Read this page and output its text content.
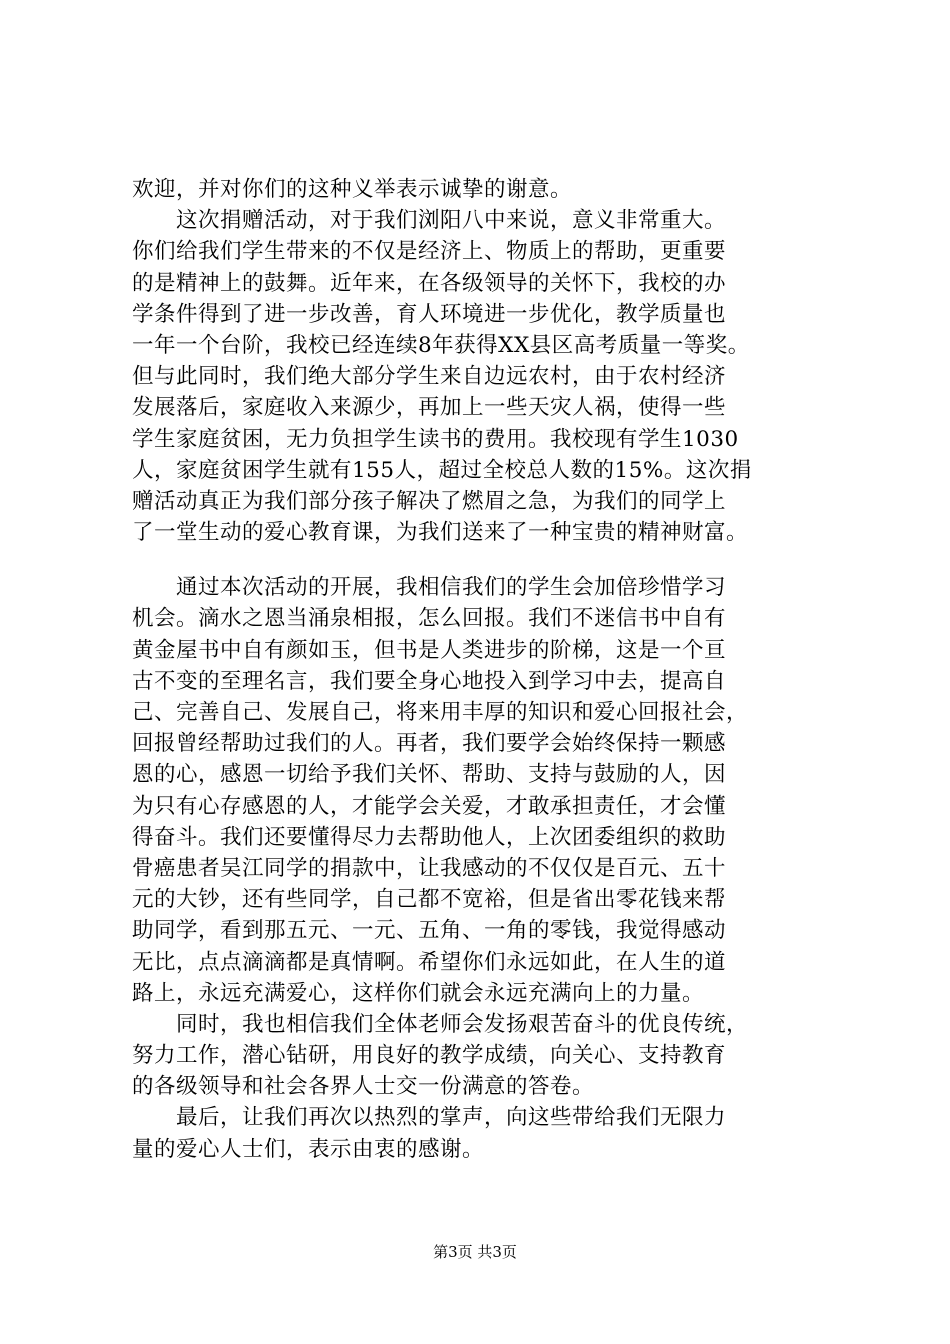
欢迎，并对你们的这种义举表示诚挚的谢意。

这次捐赠活动，对于我们浏阳八中来说，意义非常重大。

你们给我们学生带来的不仅是经济上、物质上的帮助，更重要

的是精神上的鼓舞。近年来，在各级领导的关怀下，我校的办

学条件得到了进一步改善，育人环境进一步优化，教学质量也

一年一个台阶，我校已经连续8年获得XX县区高考质量一等奖。

但与此同时，我们绝大部分学生来自边远农村，由于农村经济

发展落后，家庭收入来源少，再加上一些天灾人祸，使得一些

学生家庭贫困，无力负担学生读书的费用。我校现有学生1030

人，家庭贫困学生就有155人，超过全校总人数的15%。这次捐

赠活动真正为我们部分孩子解决了燃眉之急，为我们的同学上

了一堂生动的爱心教育课，为我们送来了一种宝贵的精神财富。

通过本次活动的开展，我相信我们的学生会加倍珍惜学习

机会。滴水之恩当涌泉相报，怎么回报。我们不迷信书中自有

黄金屋书中自有颜如玉，但书是人类进步的阶梯，这是一个亘

古不变的至理名言，我们要全身心地投入到学习中去，提高自

己、完善自己、发展自己，将来用丰厚的知识和爱心回报社会，

回报曾经帮助过我们的人。再者，我们要学会始终保持一颗感

恩的心，感恩一切给予我们关怀、帮助、支持与鼓励的人，因

为只有心存感恩的人，才能学会关爱，才敢承担责任，才会懂

得奋斗。我们还要懂得尽力去帮助他人，上次团委组织的救助

骨癌患者吴江同学的捐款中，让我感动的不仅仅是百元、五十

元的大钞，还有些同学，自己都不宽裕，但是省出零花钱来帮

助同学，看到那五元、一元、五角、一角的零钱，我觉得感动

无比，点点滴滴都是真情啊。希望你们永远如此，在人生的道

路上，永远充满爱心，这样你们就会永远充满向上的力量。

同时，我也相信我们全体老师会发扬艰苦奋斗的优良传统，

努力工作，潜心钻研，用良好的教学成绩，向关心、支持教育

的各级领导和社会各界人士交一份满意的答卷。

最后，让我们再次以热烈的掌声，向这些带给我们无限力

量的爱心人士们，表示由衷的感谢。

第3页 共3页
